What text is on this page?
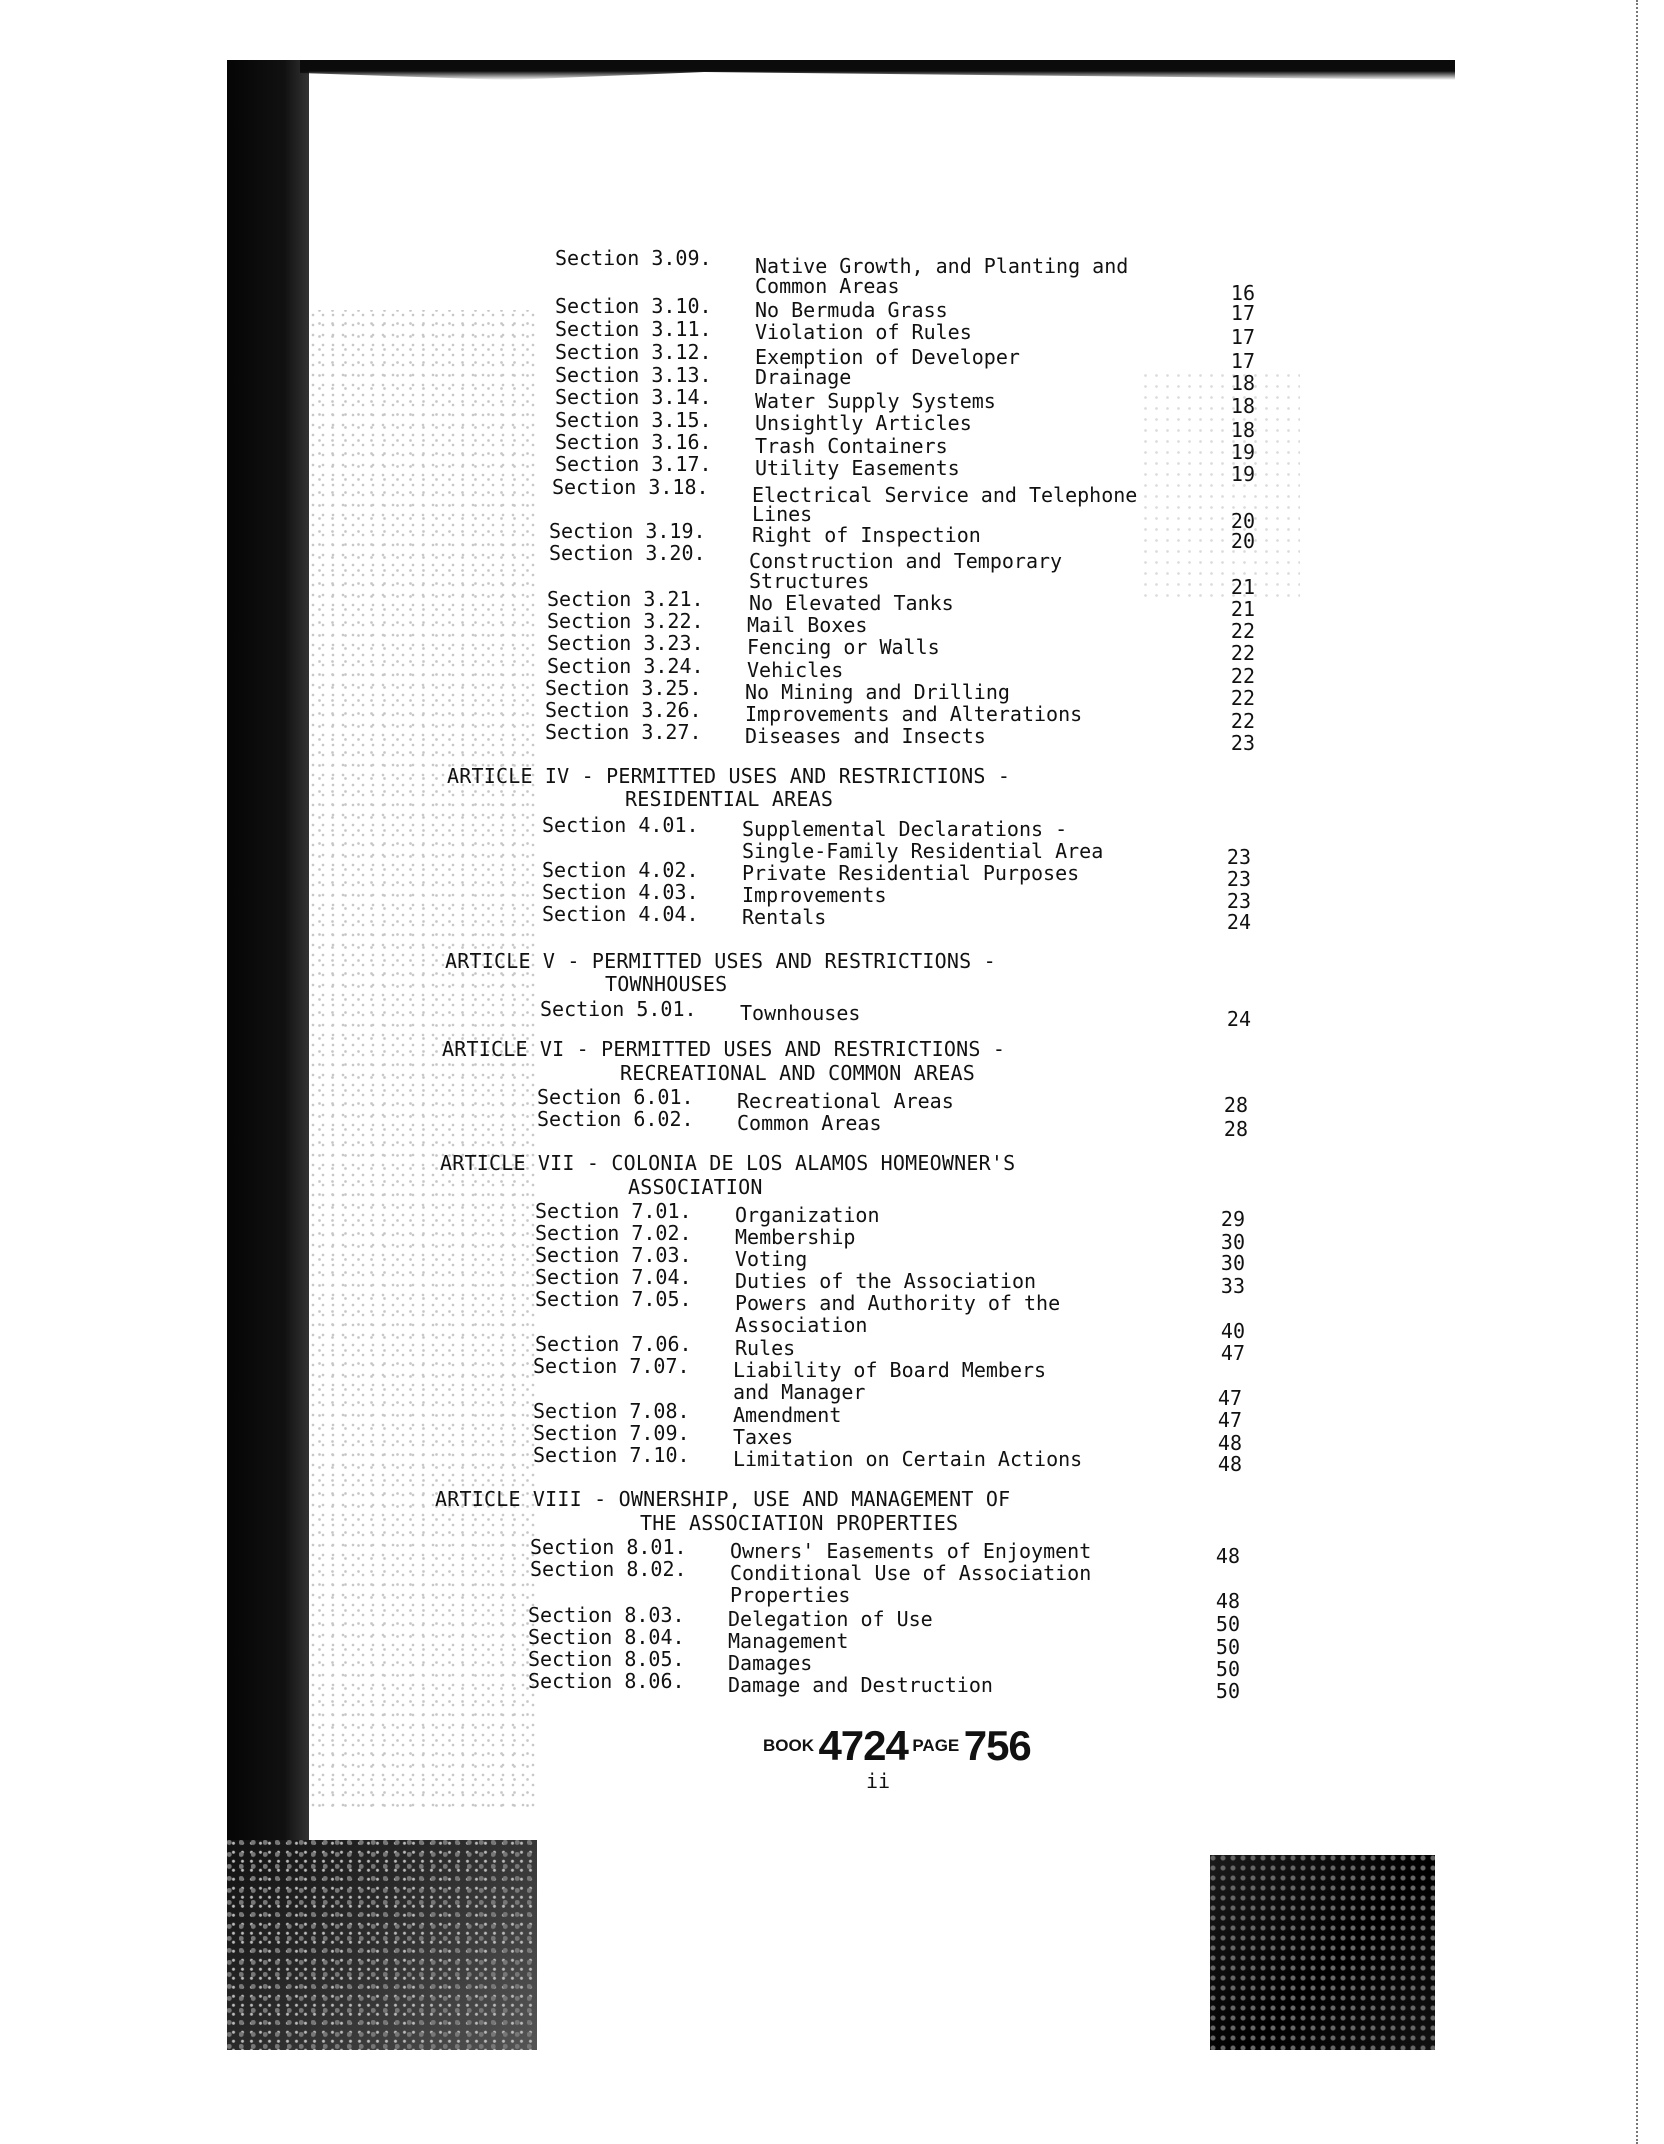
Section 3.09. Native Growth, and Planting and
Common Areas	16
Section 3.10. No Bermuda Grass	17
Section 3.11. Violation of Rules	17
Section 3.12. Exemption of Developer	17
Section 3.13. Drainage	18
Section 3.14. Water Supply Systems	18
Section 3.15. Unsightly Articles	18
Section 3.16. Trash Containers	19
Section 3.17. Utility Easements	19
Section 3.18. Electrical Service and Telephone
Lines	20
Section 3.19. Right of Inspection	20
Section 3.20. Construction and Temporary
Structures	21
Section 3.21. No Elevated Tanks	21
Section 3.22. Mail Boxes	22
Section 3.23. Fencing or Walls	22
Section 3.24. Vehicles	22
Section 3.25. No Mining and Drilling	22
Section 3.26. Improvements and Alterations	22
Section 3.27. Diseases and Insects	23
ARTICLE IV - PERMITTED USES AND RESTRICTIONS -
RESIDENTIAL AREAS
Section 4.01. Supplemental Declarations -
Single-Family Residential Area	23
Section 4.02. Private Residential Purposes	23
Section 4.03. Improvements	23
Section 4.04. Rentals	24
ARTICLE V - PERMITTED USES AND RESTRICTIONS -
TOWNHOUSES
Section 5.01. Townhouses	24
ARTICLE VI - PERMITTED USES AND RESTRICTIONS -
RECREATIONAL AND COMMON AREAS
Section 6.01. Recreational Areas	28
Section 6.02. Common Areas	28
ARTICLE VII - COLONIA DE LOS ALAMOS HOMEOWNER'S
ASSOCIATION
Section 7.01. Organization	29
Section 7.02. Membership	30
Section 7.03. Voting	30
Section 7.04. Duties of the Association	33
Section 7.05. Powers and Authority of the
Association	40
Section 7.06. Rules	47
Section 7.07. Liability of Board Members
and Manager	47
Section 7.08. Amendment	47
Section 7.09. Taxes	48
Section 7.10. Limitation on Certain Actions	48
ARTICLE VIII - OWNERSHIP, USE AND MANAGEMENT OF
THE ASSOCIATION PROPERTIES
Section 8.01. Owners' Easements of Enjoyment	48
Section 8.02. Conditional Use of Association
Properties	48
Section 8.03. Delegation of Use	50
Section 8.04. Management	50
Section 8.05. Damages	50
Section 8.06. Damage and Destruction	50
BOOK 4724 PAGE 756
ii
